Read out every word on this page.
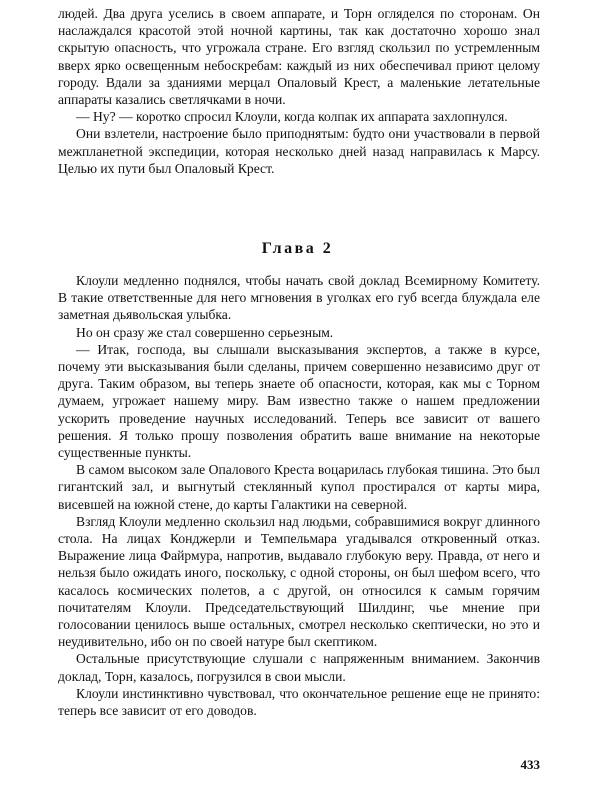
людей. Два друга уселись в своем аппарате, и Торн огляделся по сторонам. Он наслаждался красотой этой ночной картины, так как достаточно хорошо знал скрытую опасность, что угрожала стране. Его взгляд скользил по устремленным вверх ярко освещенным небоскребам: каждый из них обеспечивал приют целому городу. Вдали за зданиями мерцал Опаловый Крест, а маленькие летательные аппараты казались светлячками в ночи.

— Ну? — коротко спросил Клоули, когда колпак их аппарата захлопнулся.

Они взлетели, настроение было приподнятым: будто они участвовали в первой межпланетной экспедиции, которая несколько дней назад направилась к Марсу. Целью их пути был Опаловый Крест.

Глава 2

Клоули медленно поднялся, чтобы начать свой доклад Всемирному Комитету. В такие ответственные для него мгновения в уголках его губ всегда блуждала еле заметная дьявольская улыбка.

Но он сразу же стал совершенно серьезным.

— Итак, господа, вы слышали высказывания экспертов, а также в курсе, почему эти высказывания были сделаны, причем совершенно независимо друг от друга. Таким образом, вы теперь знаете об опасности, которая, как мы с Торном думаем, угрожает нашему миру. Вам известно также о нашем предложении ускорить проведение научных исследований. Теперь все зависит от вашего решения. Я только прошу позволения обратить ваше внимание на некоторые существенные пункты.

В самом высоком зале Опалового Креста воцарилась глубокая тишина. Это был гигантский зал, и выгнутый стеклянный купол простирался от карты мира, висевшей на южной стене, до карты Галактики на северной.

Взгляд Клоули медленно скользил над людьми, собравшимися вокруг длинного стола. На лицах Конджерли и Темпельмара угадывался откровенный отказ. Выражение лица Файрмура, напротив, выдавало глубокую веру. Правда, от него и нельзя было ожидать иного, поскольку, с одной стороны, он был шефом всего, что касалось космических полетов, а с другой, он относился к самым горячим почитателям Клоули. Председательствующий Шилдинг, чье мнение при голосовании ценилось выше остальных, смотрел несколько скептически, но это и неудивительно, ибо он по своей натуре был скептиком.

Остальные присутствующие слушали с напряженным вниманием. Закончив доклад, Торн, казалось, погрузился в свои мысли.

Клоули инстинктивно чувствовал, что окончательное решение еще не принято: теперь все зависит от его доводов.

433
